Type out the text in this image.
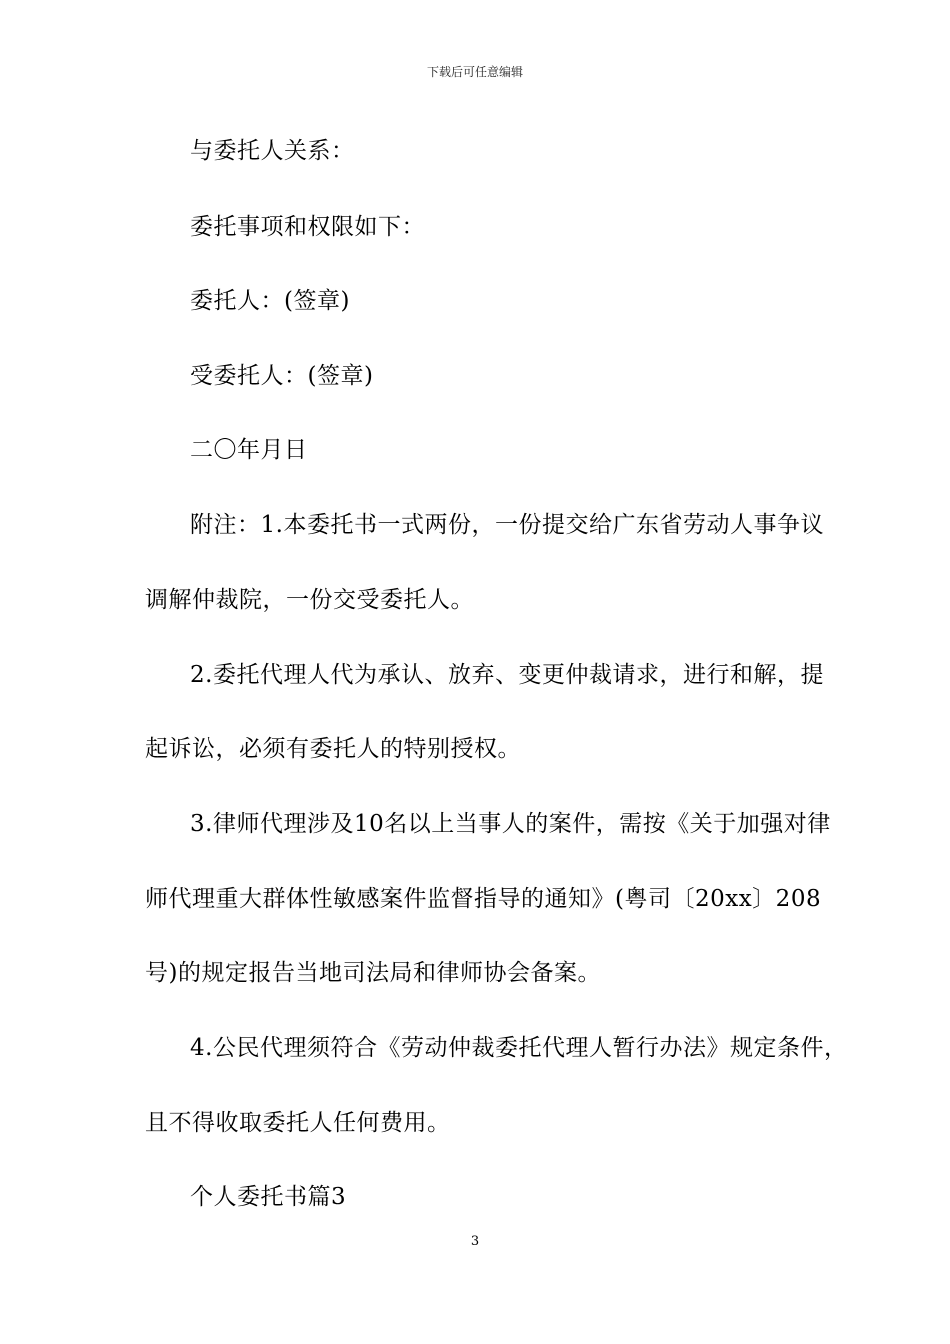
下载后可任意编辑
与委托人关系：
委托事项和权限如下：
委托人：(签章)
受委托人：(签章)
二〇年月日
附注：1.本委托书一式两份，一份提交给广东省劳动人事争议
调解仲裁院，一份交受委托人。
2.委托代理人代为承认、放弃、变更仲裁请求，进行和解，提
起诉讼，必须有委托人的特别授权。
3.律师代理涉及10名以上当事人的案件，需按《关于加强对律
师代理重大群体性敏感案件监督指导的通知》(粤司〔20xx〕208
号)的规定报告当地司法局和律师协会备案。
4.公民代理须符合《劳动仲裁委托代理人暂行办法》规定条件，
且不得收取委托人任何费用。
个人委托书篇3
3
